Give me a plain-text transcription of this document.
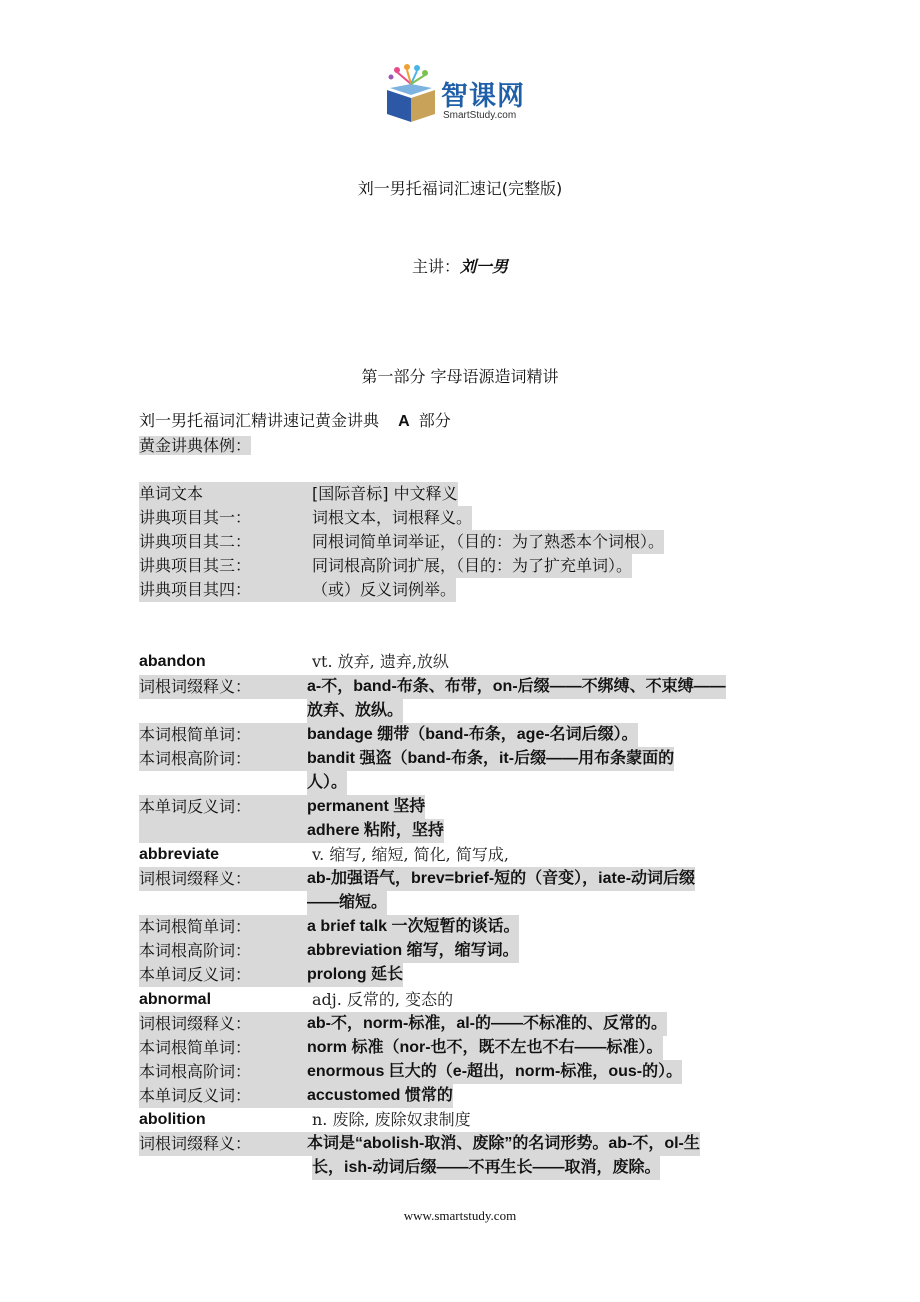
智课网
SmartStudy.com
刘一男托福词汇速记(完整版)
主讲：刘一男
第一部分 字母语源造词精讲
刘一男托福词汇精讲速记黄金讲典 A 部分
黄金讲典体例：
单词文本	[国际音标] 中文释义
讲典项目其一：	词根文本，词根释义。
讲典项目其二：	同根词简单词举证，（目的：为了熟悉本个词根）。
讲典项目其三：	同词根高阶词扩展，（目的：为了扩充单词）。
讲典项目其四：	（或）反义词例举。
abandon	vt. 放弃, 遗弃,放纵
词根词缀释义：	a-不，band-布条、布带，on-后缀——不绑缚、不束缚——
放弃、放纵。
本词根简单词：	bandage 绷带（band-布条，age-名词后缀）。
本词根高阶词：	bandit 强盗（band-布条，it-后缀——用布条蒙面的
人）。
本单词反义词：	permanent 坚持
adhere 粘附，坚持
abbreviate	v. 缩写, 缩短, 简化, 简写成,
词根词缀释义：	ab-加强语气，brev=brief-短的（音变），iate-动词后缀
——缩短。
本词根简单词：	a brief talk 一次短暂的谈话。
本词根高阶词：	abbreviation 缩写，缩写词。
本单词反义词：	prolong 延长
abnormal	adj. 反常的, 变态的
词根词缀释义：	ab-不，norm-标准，al-的——不标准的、反常的。
本词根简单词：	norm 标准（nor-也不，既不左也不右——标准）。
本词根高阶词：	enormous 巨大的（e-超出，norm-标准，ous-的）。
本单词反义词：	accustomed 惯常的
abolition	n. 废除, 废除奴隶制度
词根词缀释义：	本词是“abolish-取消、废除”的名词形势。ab-不，ol-生
长，ish-动词后缀——不再生长——取消，废除。
www.smartstudy.com
